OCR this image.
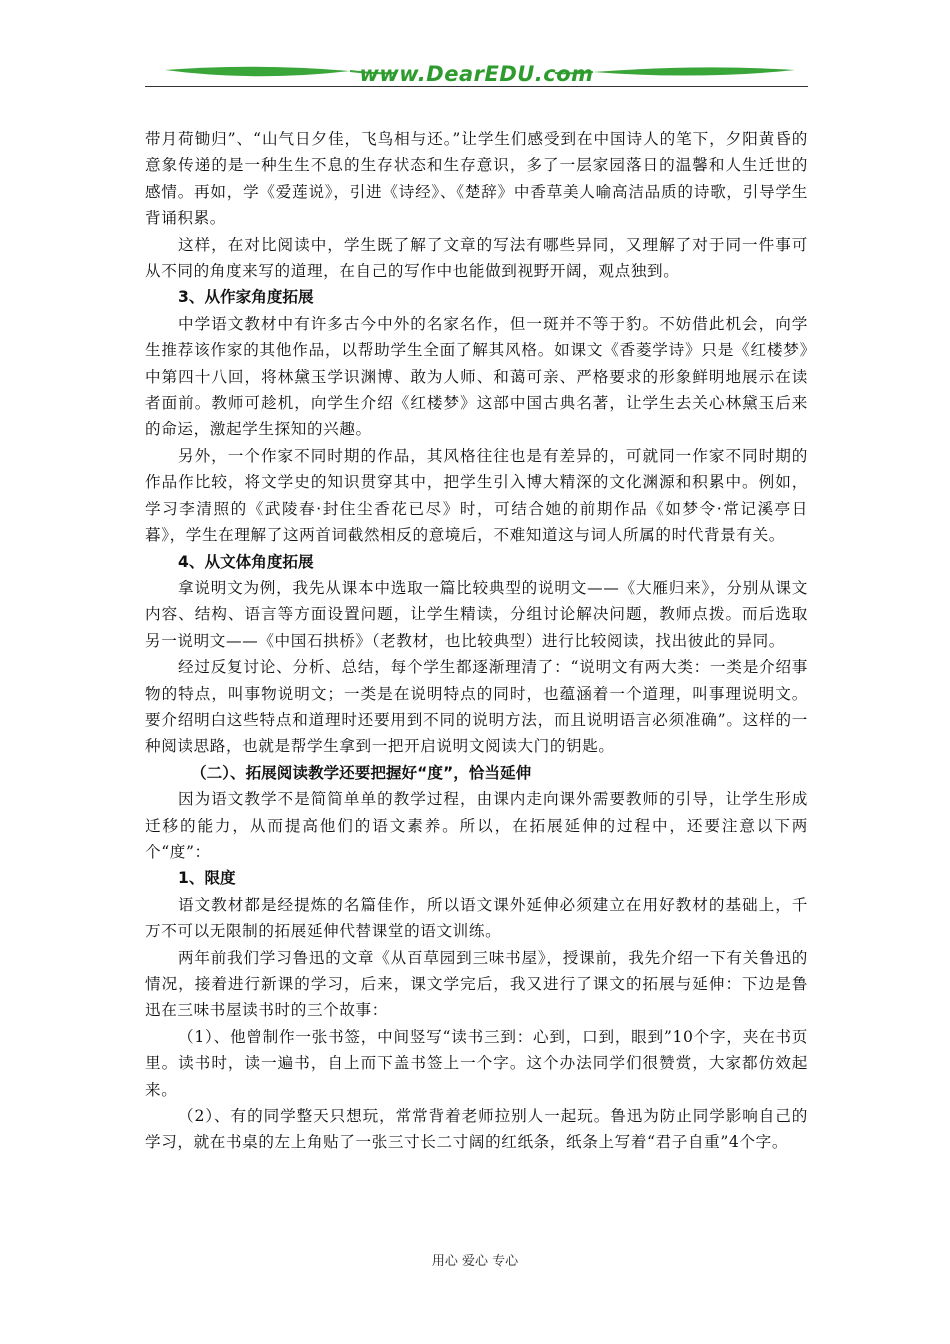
www.DearEDU.com

带月荷锄归”、“山气日夕佳，飞鸟相与还。”让学生们感受到在中国诗人的笔下，夕阳黄昏的意象传递的是一种生生不息的生存状态和生存意识，多了一层家园落日的温馨和人生迁世的感情。再如，学《爱莲说》，引进《诗经》、《楚辞》中香草美人喻高洁品质的诗歌，引导学生背诵积累。

这样，在对比阅读中，学生既了解了文章的写法有哪些异同，又理解了对于同一件事可从不同的角度来写的道理，在自己的写作中也能做到视野开阔，观点独到。

3、从作家角度拓展

中学语文教材中有许多古今中外的名家名作，但一斑并不等于豹。不妨借此机会，向学生推荐该作家的其他作品，以帮助学生全面了解其风格。如课文《香菱学诗》只是《红楼梦》中第四十八回，将林黛玉学识渊博、敢为人师、和蔼可亲、严格要求的形象鲜明地展示在读者面前。教师可趁机，向学生介绍《红楼梦》这部中国古典名著，让学生去关心林黛玉后来的命运，激起学生探知的兴趣。

另外，一个作家不同时期的作品，其风格往往也是有差异的，可就同一作家不同时期的作品作比较，将文学史的知识贯穿其中，把学生引入博大精深的文化渊源和积累中。例如，学习李清照的《武陵春·封住尘香花已尽》时，可结合她的前期作品《如梦令·常记溪亭日暮》，学生在理解了这两首词截然相反的意境后，不难知道这与词人所属的时代背景有关。

4、从文体角度拓展

拿说明文为例，我先从课本中选取一篇比较典型的说明文——《大雁归来》，分别从课文内容、结构、语言等方面设置问题，让学生精读，分组讨论解决问题，教师点拨。而后选取另一说明文——《中国石拱桥》（老教材，也比较典型）进行比较阅读，找出彼此的异同。

经过反复讨论、分析、总结，每个学生都逐渐理清了：“说明文有两大类：一类是介绍事物的特点，叫事物说明文；一类是在说明特点的同时，也蕴涵着一个道理，叫事理说明文。要介绍明白这些特点和道理时还要用到不同的说明方法，而且说明语言必须准确”。这样的一种阅读思路，也就是帮学生拿到一把开启说明文阅读大门的钥匙。

（二）、拓展阅读教学还要把握好“度”，恰当延伸

因为语文教学不是简简单单的教学过程，由课内走向课外需要教师的引导，让学生形成迁移的能力，从而提高他们的语文素养。所以，在拓展延伸的过程中，还要注意以下两个“度”：

1、限度

语文教材都是经提炼的名篇佳作，所以语文课外延伸必须建立在用好教材的基础上，千万不可以无限制的拓展延伸代替课堂的语文训练。

两年前我们学习鲁迅的文章《从百草园到三味书屋》，授课前，我先介绍一下有关鲁迅的情况，接着进行新课的学习，后来，课文学完后，我又进行了课文的拓展与延伸：下边是鲁迅在三味书屋读书时的三个故事：

（1）、他曾制作一张书签，中间竖写“读书三到：心到，口到，眼到”10个字，夹在书页里。读书时，读一遍书，自上而下盖书签上一个字。这个办法同学们很赞赏，大家都仿效起来。

（2）、有的同学整天只想玩，常常背着老师拉别人一起玩。鲁迅为防止同学影响自己的学习，就在书桌的左上角贴了一张三寸长二寸阔的红纸条，纸条上写着“君子自重”4个字。

用心 爱心 专心
